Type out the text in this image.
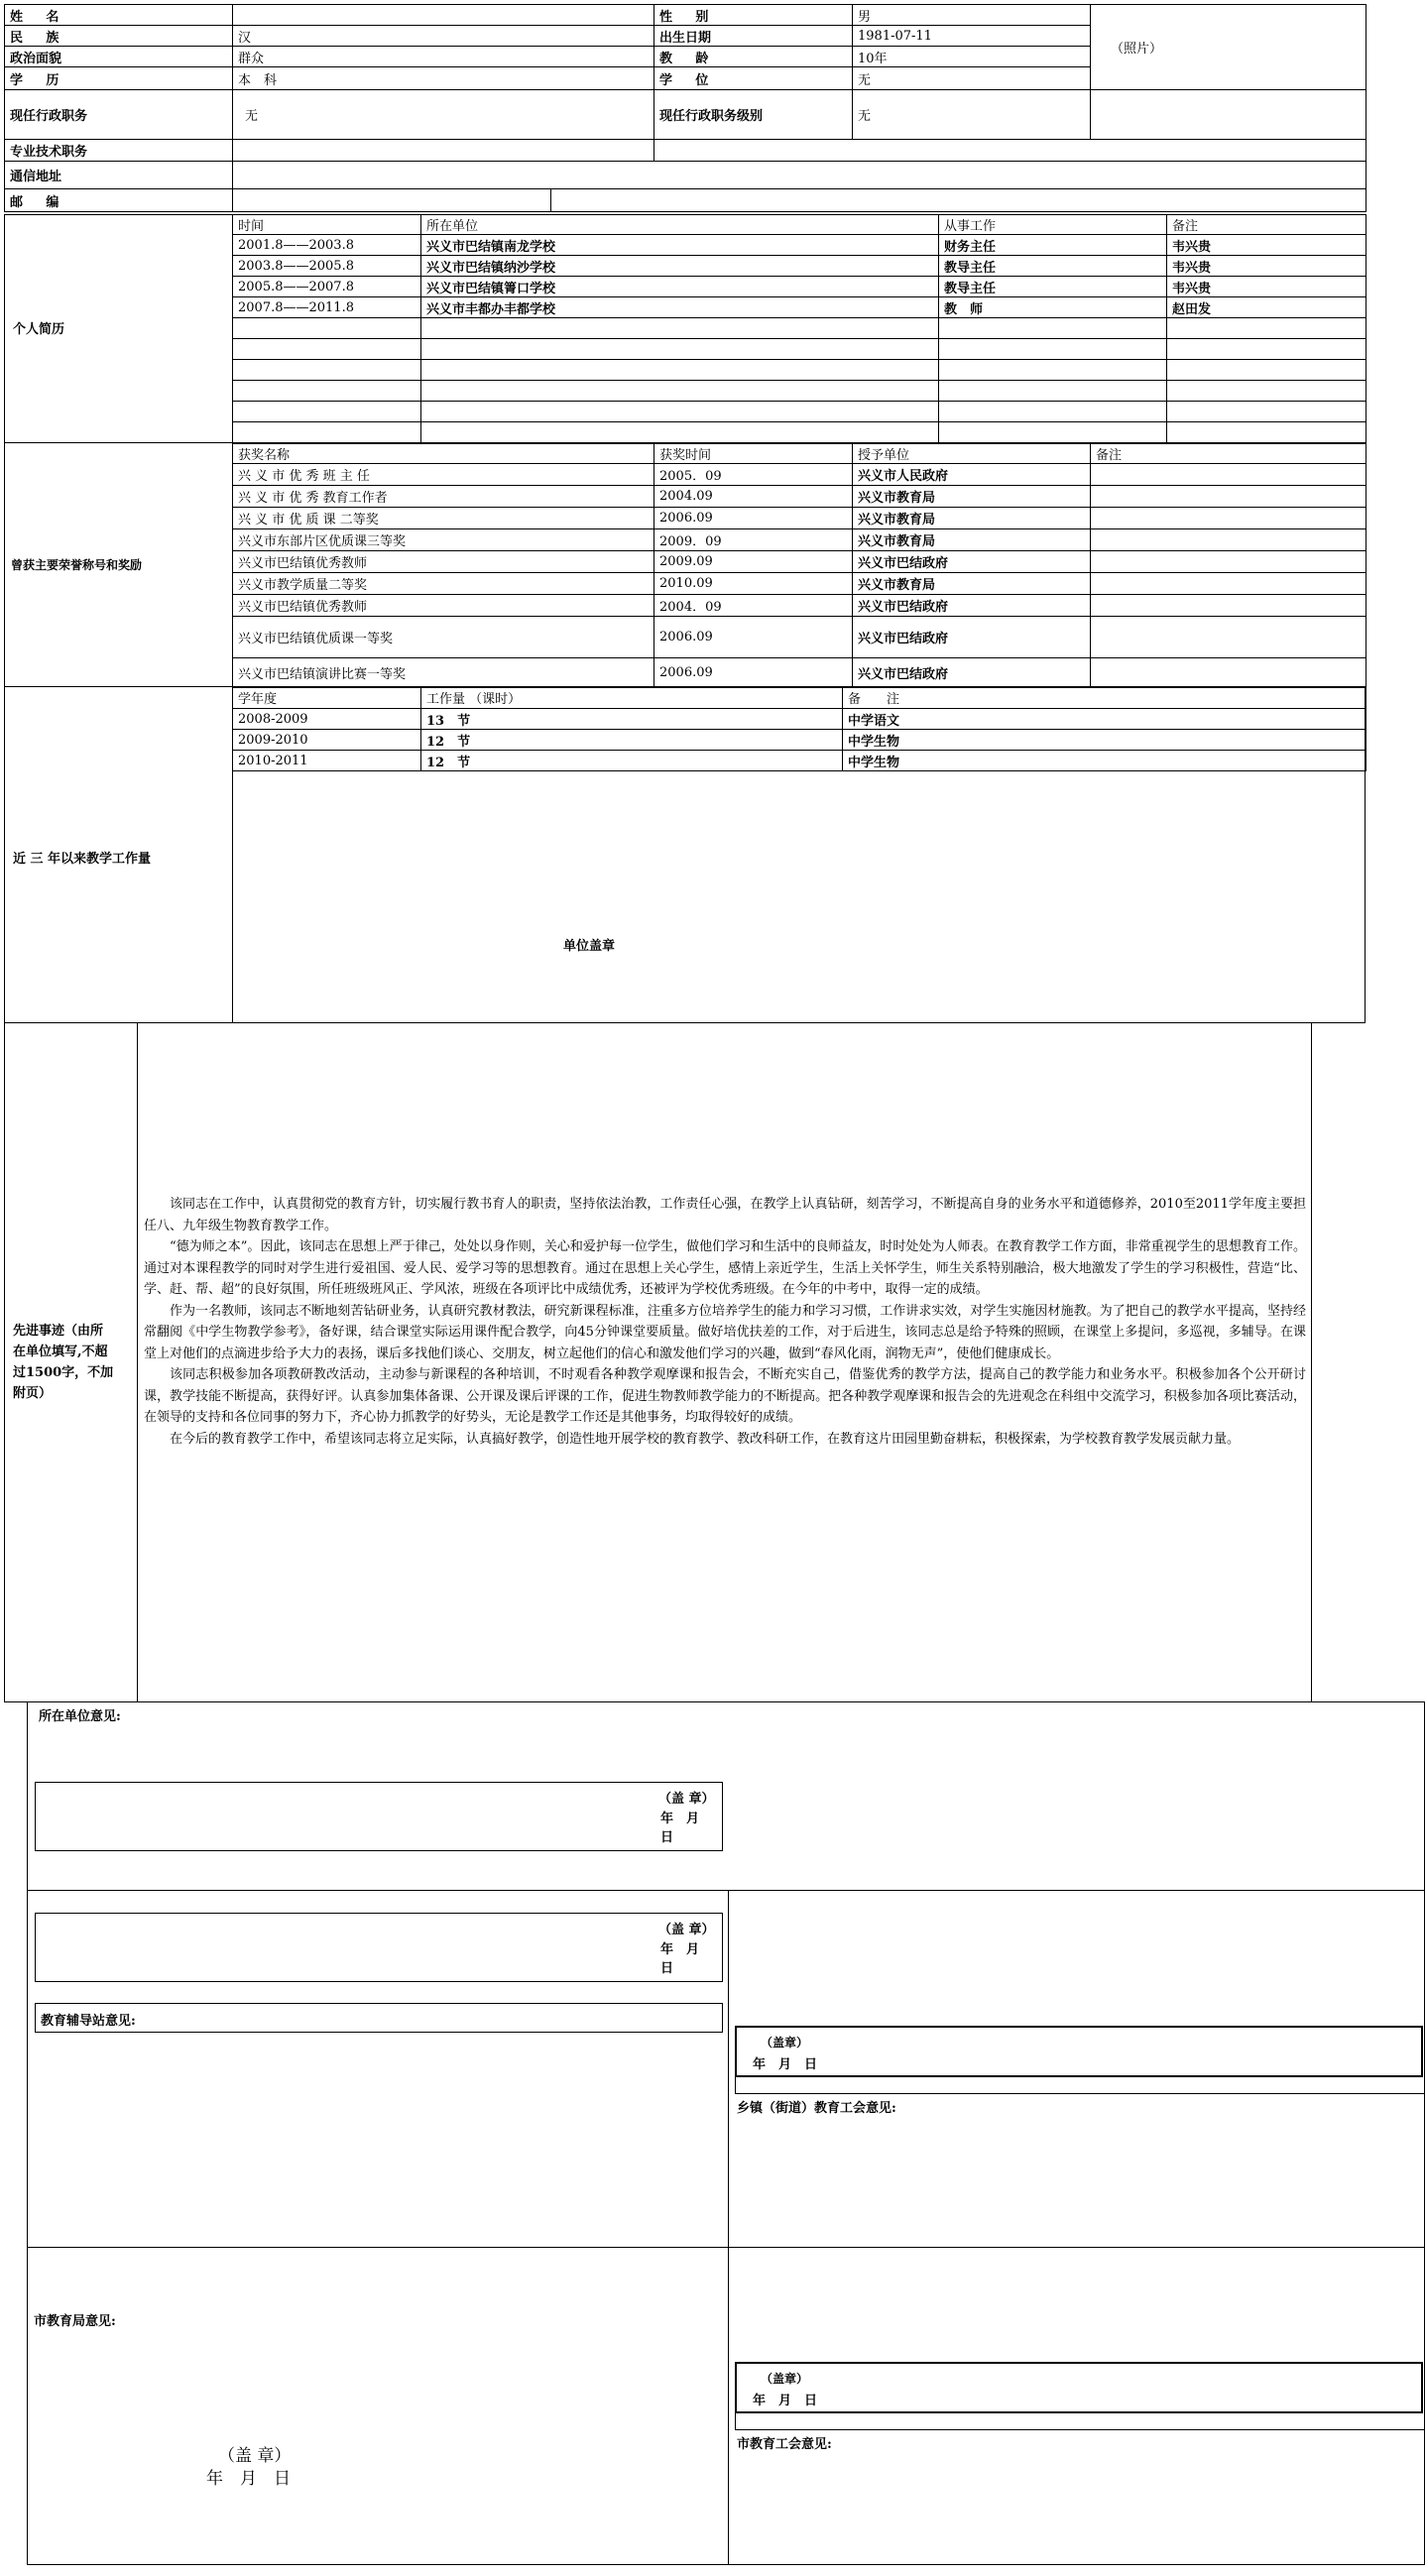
姓　名		性　别	男	（照片）
民　族	汉	出生日期	1981-07-11	
政治面貌	群众	教　龄	10年	
学　历	本　科	学　位	无	
现任行政职务	无	现任行政职务级别	无	
专业技术职务				
通信地址				
邮　编				
个人简历
时间	所在单位	从事工作	备注
2001.8——2003.8	兴义市巴结镇南龙学校	财务主任	韦兴贵
2003.8——2005.8	兴义市巴结镇纳沙学校	教导主任	韦兴贵
2005.8——2007.8	兴义市巴结镇箐口学校	教导主任	韦兴贵
2007.8——2011.8	兴义市丰都办丰都学校	教　师	赵田发

曾获主要荣誉称号和奖励
获奖名称	获奖时间	授予单位	备注
兴 义 市 优 秀 班 主 任	2005．09	兴义市人民政府	
兴 义 市 优 秀 教育工作者	2004.09	兴义市教育局	
兴 义 市 优 质 课 二等奖	2006.09	兴义市教育局	
兴义市东部片区优质课三等奖	2009．09	兴义市教育局	
兴义市巴结镇优秀教师	2009.09	兴义市巴结政府	
兴义市教学质量二等奖	2010.09	兴义市教育局	
兴义市巴结镇优秀教师	2004．09	兴义市巴结政府	
兴义市巴结镇优质课一等奖	2006.09	兴义市巴结政府	
兴义市巴结镇演讲比赛一等奖	2006.09	兴义市巴结政府	
近 三 年以来教学工作量
学年度	工作量 （课时）	备　　注
2008-2009	13　节	中学语文
2009-2010	12　节	中学生物
2010-2011	12　节	中学生物
单位盖章
先进事迹（由所
在单位填写,不超
过1500字，不加
附页）

该同志在工作中，认真贯彻党的教育方针，切实履行教书育人的职责，坚持依法治教，工作责任心强，在教学上认真钻研，刻苦学习，不断提高自身的业务水平和道德修养，2010至2011学年度主要担任八、九年级生物教育教学工作。

“德为师之本”。因此，该同志在思想上严于律己，处处以身作则，关心和爱护每一位学生，做他们学习和生活中的良师益友，时时处处为人师表。在教育教学工作方面，非常重视学生的思想教育工作。通过对本课程教学的同时对学生进行爱祖国、爱人民、爱学习等的思想教育。通过在思想上关心学生，感情上亲近学生，生活上关怀学生，师生关系特别融洽，极大地激发了学生的学习积极性，营造“比、学、赶、帮、超”的良好氛围，所任班级班风正、学风浓，班级在各项评比中成绩优秀，还被评为学校优秀班级。在今年的中考中，取得一定的成绩。

作为一名教师，该同志不断地刻苦钻研业务，认真研究教材教法，研究新课程标准，注重多方位培养学生的能力和学习习惯，工作讲求实效，对学生实施因材施教。为了把自己的教学水平提高，坚持经常翻阅《中学生物教学参考》，备好课，结合课堂实际运用课件配合教学，向45分钟课堂要质量。做好培优扶差的工作，对于后进生，该同志总是给予特殊的照顾，在课堂上多提问，多巡视，多辅导。在课堂上对他们的点滴进步给予大力的表扬，课后多找他们谈心、交朋友，树立起他们的信心和激发他们学习的兴趣，做到“春风化雨，润物无声”，使他们健康成长。

该同志积极参加各项教研教改活动，主动参与新课程的各种培训，不时观看各种教学观摩课和报告会，不断充实自己，借鉴优秀的教学方法，提高自己的教学能力和业务水平。积极参加各个公开研讨课，教学技能不断提高，获得好评。认真参加集体备课、公开课及课后评课的工作，促进生物教师教学能力的不断提高。把各种教学观摩课和报告会的先进观念在科组中交流学习，积极参加各项比赛活动，在领导的支持和各位同事的努力下，齐心协力抓教学的好势头，无论是教学工作还是其他事务，均取得较好的成绩。

在今后的教育教学工作中，希望该同志将立足实际，认真搞好教学，创造性地开展学校的教育教学、教改科研工作，在教育这片田园里勤奋耕耘，积极探索，为学校教育教学发展贡献力量。

所在单位意见:
（盖 章）
年　月　日
（盖 章）
年　月　日
教育辅导站意见:
（盖章）
年　月　日
乡镇（街道）教育工会意见:
市教育局意见:
（盖 章）
年　月　日
（盖章）
年　月　日
市教育工会意见:
